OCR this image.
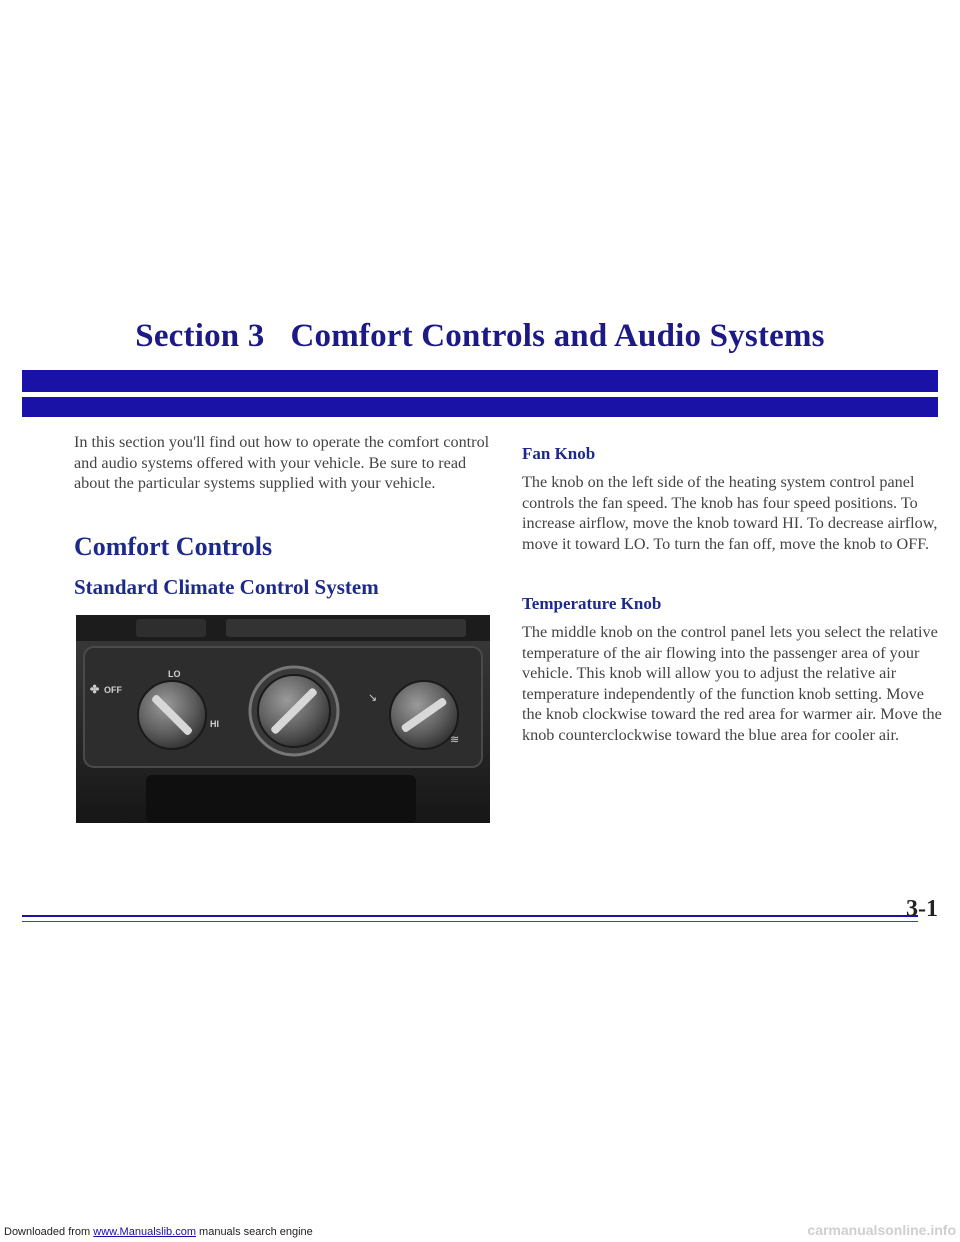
Section 3 Comfort Controls and Audio Systems

In this section you'll find out how to operate the comfort control and audio systems offered with your vehicle. Be sure to read about the particular systems supplied with your vehicle.

Comfort Controls
Standard Climate Control System
✤ OFF
LO
HI
↘
≋
Fan Knob

The knob on the left side of the heating system control panel controls the fan speed. The knob has four speed positions. To increase airflow, move the knob toward HI. To decrease airflow, move it toward LO. To turn the fan off, move the knob to OFF.

Temperature Knob

The middle knob on the control panel lets you select the relative temperature of the air flowing into the passenger area of your vehicle. This knob will allow you to adjust the relative air temperature independently of the function knob setting. Move the knob clockwise toward the red area for warmer air. Move the knob counterclockwise toward the blue area for cooler air.

3-1
Downloaded from www.Manualslib.com manuals search engine	carmanualsonline.info
